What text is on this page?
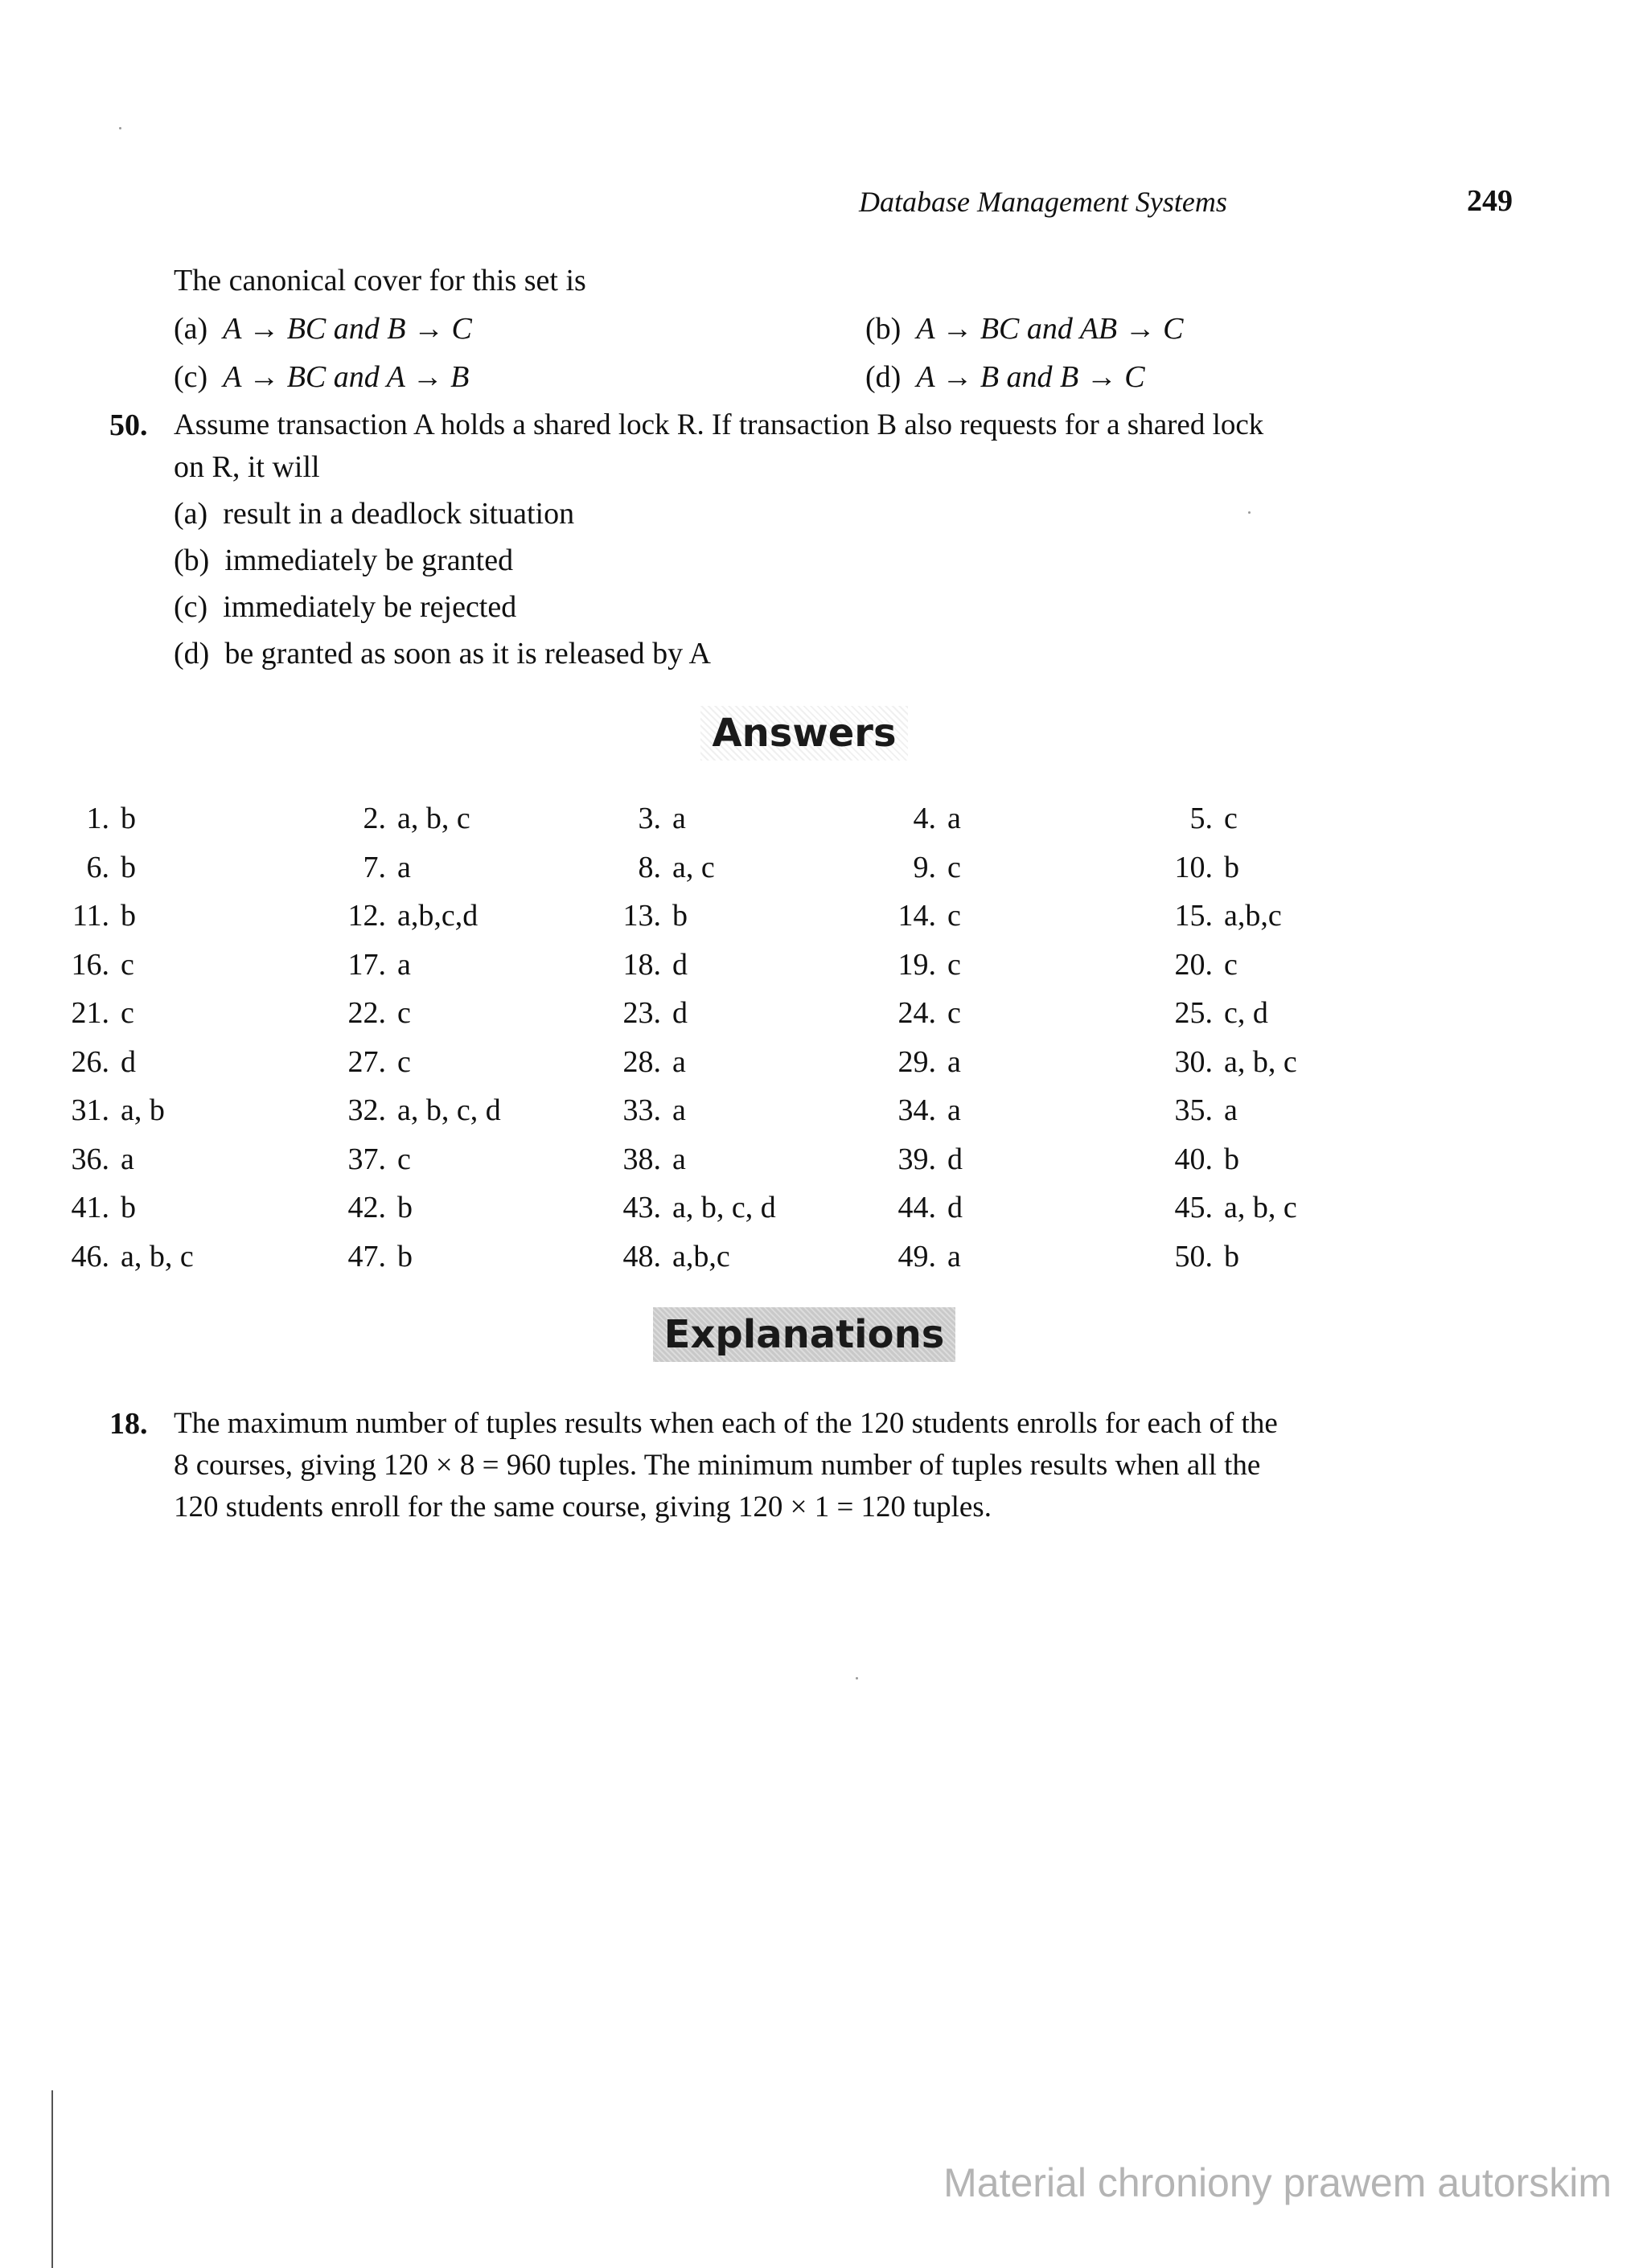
Database Management Systems	249
The canonical cover for this set is
(a) A → BC and B → C	(b) A → BC and AB → C
(c) A → BC and A → B	(d) A → B and B → C
50. Assume transaction A holds a shared lock R. If transaction B also requests for a shared lock
on R, it will
(a) result in a deadlock situation
(b) immediately be granted
(c) immediately be rejected
(d) be granted as soon as it is released by A
Answers
1. b	2. a, b, c	3. a	4. a	5. c
6. b	7. a	8. a, c	9. c	10. b
11. b	12. a,b,c,d	13. b	14. c	15. a,b,c
16. c	17. a	18. d	19. c	20. c
21. c	22. c	23. d	24. c	25. c, d
26. d	27. c	28. a	29. a	30. a, b, c
31. a, b	32. a, b, c, d	33. a	34. a	35. a
36. a	37. c	38. a	39. d	40. b
41. b	42. b	43. a, b, c, d	44. d	45. a, b, c
46. a, b, c	47. b	48. a,b,c	49. a	50. b
Explanations
18. The maximum number of tuples results when each of the 120 students enrolls for each of the
8 courses, giving 120 × 8 = 960 tuples. The minimum number of tuples results when all the
120 students enroll for the same course, giving 120 × 1 = 120 tuples.
Material chroniony prawem autorskim
